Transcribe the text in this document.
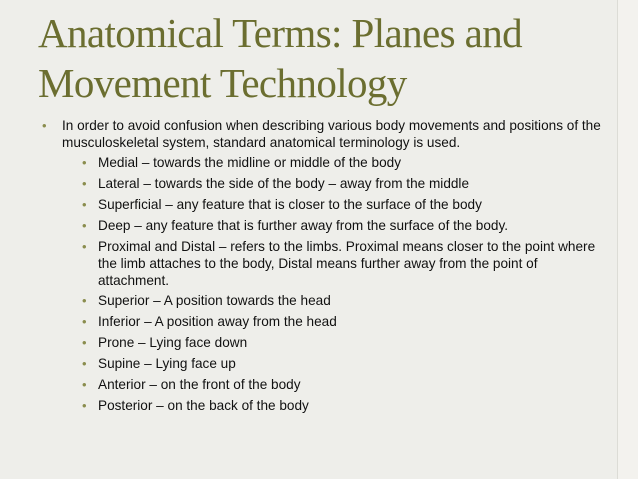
Anatomical Terms: Planes and Movement Technology
• In order to avoid confusion when describing various body movements and positions of the musculoskeletal system, standard anatomical terminology is used.
• Medial – towards the midline or middle of the body
• Lateral – towards the side of the body – away from the middle
• Superficial – any feature that is closer to the surface of the body
• Deep – any feature that is further away from the surface of the body.
• Proximal and Distal – refers to the limbs. Proximal means closer to the point where the limb attaches to the body, Distal means further away from the point of attachment.
• Superior – A position towards the head
• Inferior – A position away from the head
• Prone – Lying face down
• Supine – Lying face up
• Anterior – on the front of the body
• Posterior – on the back of the body
